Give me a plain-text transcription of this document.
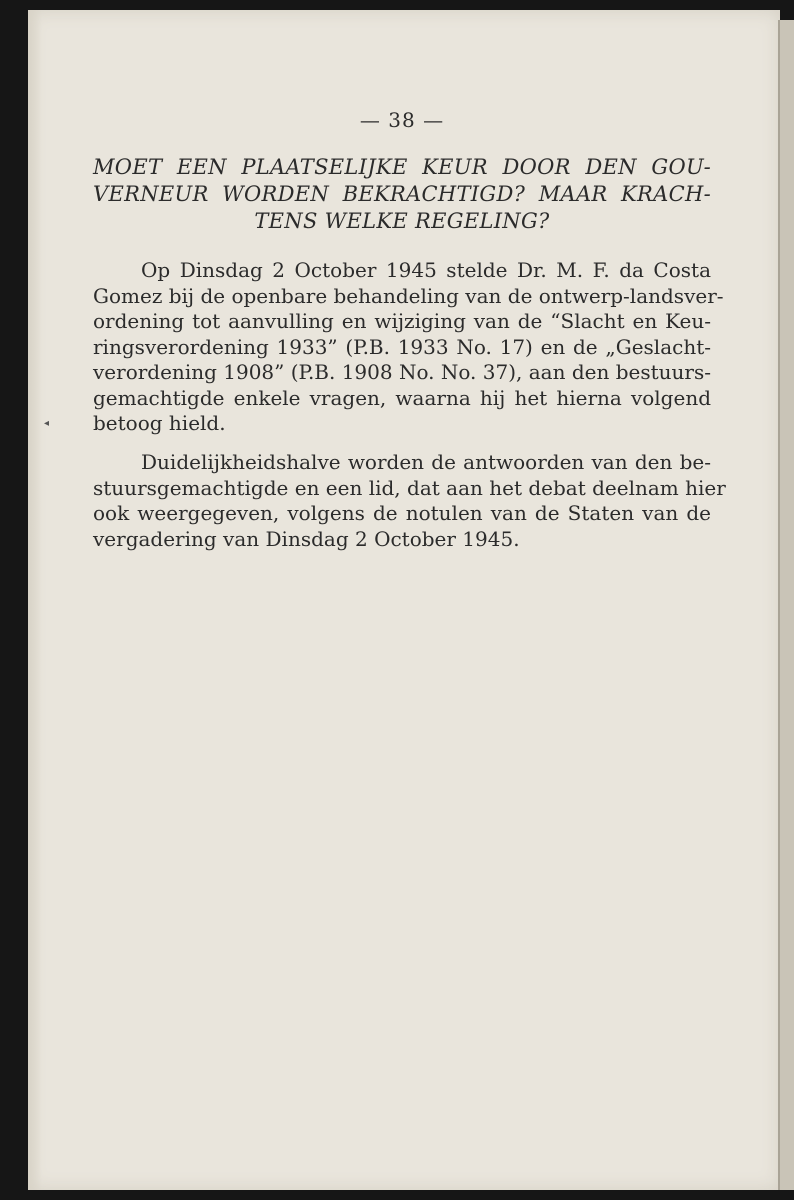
◂
— 38 —
MOET EEN PLAATSELIJKE KEUR DOOR DEN GOU-
VERNEUR WORDEN BEKRACHTIGD? MAAR KRACH-
TENS WELKE REGELING?
Op Dinsdag 2 October 1945 stelde Dr. M. F. da Costa
Gomez bij de openbare behandeling van de ontwerp-landsver-
ordening tot aanvulling en wijziging van de “Slacht en Keu-
ringsverordening 1933” (P.B. 1933 No. 17) en de „Geslacht-
verordening 1908” (P.B. 1908 No. No. 37), aan den bestuurs-
gemachtigde enkele vragen, waarna hij het hierna volgend
betoog hield.
Duidelijkheidshalve worden de antwoorden van den be-
stuursgemachtigde en een lid, dat aan het debat deelnam hier
ook weergegeven, volgens de notulen van de Staten van de
vergadering van Dinsdag 2 October 1945.
